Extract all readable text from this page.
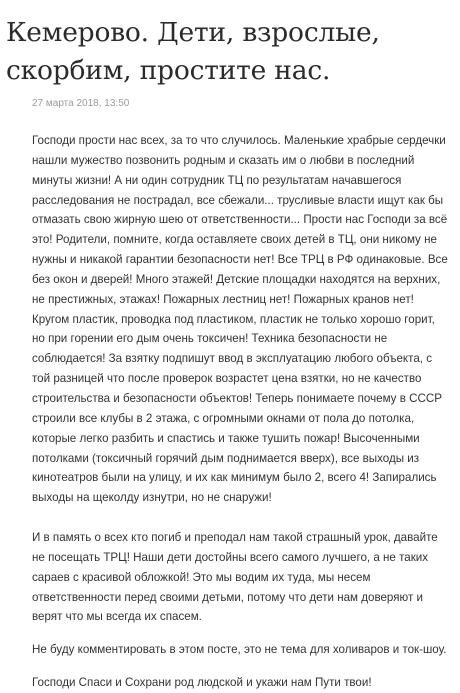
Кемерово. Дети, взрослые, скорбим, простите нас.
27 марта 2018, 13:50

Господи прости нас всех, за то что случилось. Маленькие храбрые сердечки нашли мужество позвонить родным и сказать им о любви в последний минуты жизни! А ни один сотрудник ТЦ по результатам начавшегося расследования не пострадал, все сбежали... трусливые власти ищут как бы отмазать свою жирную шею от ответственности... Прости нас Господи за всё это! Родители, помните, когда оставляете своих детей в ТЦ, они никому не нужны и никакой гарантии безопасности нет! Все ТРЦ в РФ одинаковые. Все без окон и дверей! Много этажей! Детские площадки находятся на верхних, не престижных, этажах! Пожарных лестниц нет! Пожарных кранов нет! Кругом пластик, проводка под пластиком, пластик не только хорошо горит, но при горении его дым очень токсичен! Техника безопасности не соблюдается! За взятку подпишут ввод в эксплуатацию любого объекта, с той разницей что после проверок возрастет цена взятки, но не качество строительства и безопасности объектов! Теперь понимаете почему в СССР строили все клубы в 2 этажа, с огромными окнами от пола до потолка, которые легко разбить и спастись и также тушить пожар! Высоченными потолками (токсичный горячий дым поднимается вверх), все выходы из кинотеатров были на улицу, и их как минимум было 2, всего 4! Запирались выходы на щеколду изнутри, но не снаружи!

И в память о всех кто погиб и преподал нам такой страшный урок, давайте не посещать ТРЦ! Наши дети достойны всего самого лучшего, а не таких сараев с красивой обложкой! Это мы водим их туда, мы несем ответственности перед своими детьми, потому что дети нам доверяют и верят что мы всегда их спасем.

Не буду комментировать в этом посте, это не тема для холиваров и ток-шоу.

Господи Спаси и Сохрани род людской и укажи нам Пути твои!
